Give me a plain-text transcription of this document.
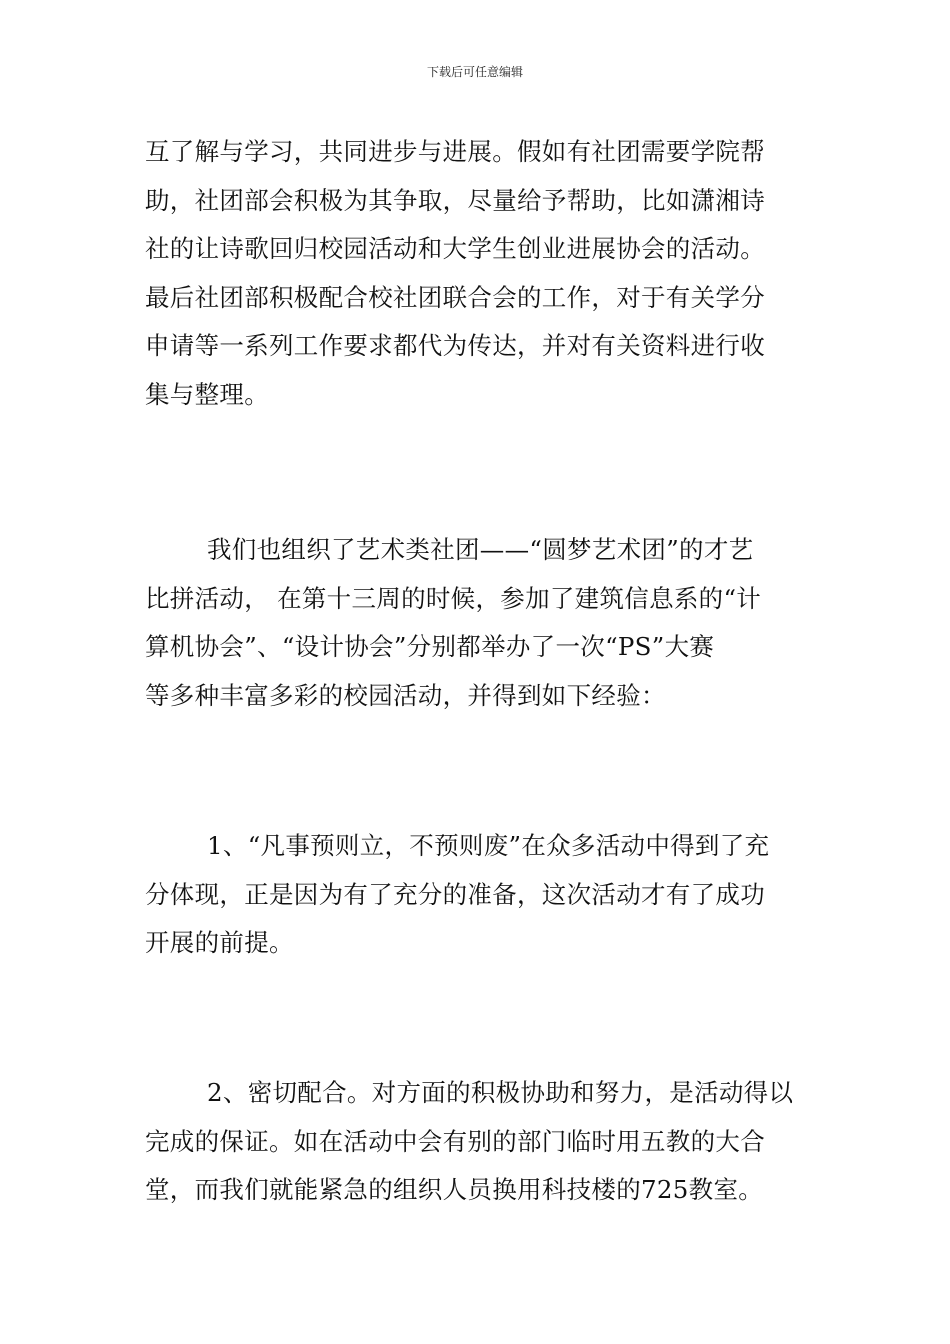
下载后可任意编辑
互了解与学习，共同进步与进展。假如有社团需要学院帮
助，社团部会积极为其争取，尽量给予帮助，比如潇湘诗
社的让诗歌回归校园活动和大学生创业进展协会的活动。
最后社团部积极配合校社团联合会的工作，对于有关学分
申请等一系列工作要求都代为传达，并对有关资料进行收
集与整理。
我们也组织了艺术类社团——“圆梦艺术团”的才艺
比拼活动， 在第十三周的时候，参加了建筑信息系的“计
算机协会”、“设计协会”分别都举办了一次“PS”大赛
等多种丰富多彩的校园活动，并得到如下经验：
1、“凡事预则立，不预则废”在众多活动中得到了充
分体现，正是因为有了充分的准备，这次活动才有了成功
开展的前提。
2、密切配合。对方面的积极协助和努力，是活动得以
完成的保证。如在活动中会有别的部门临时用五教的大合
堂，而我们就能紧急的组织人员换用科技楼的725教室。
